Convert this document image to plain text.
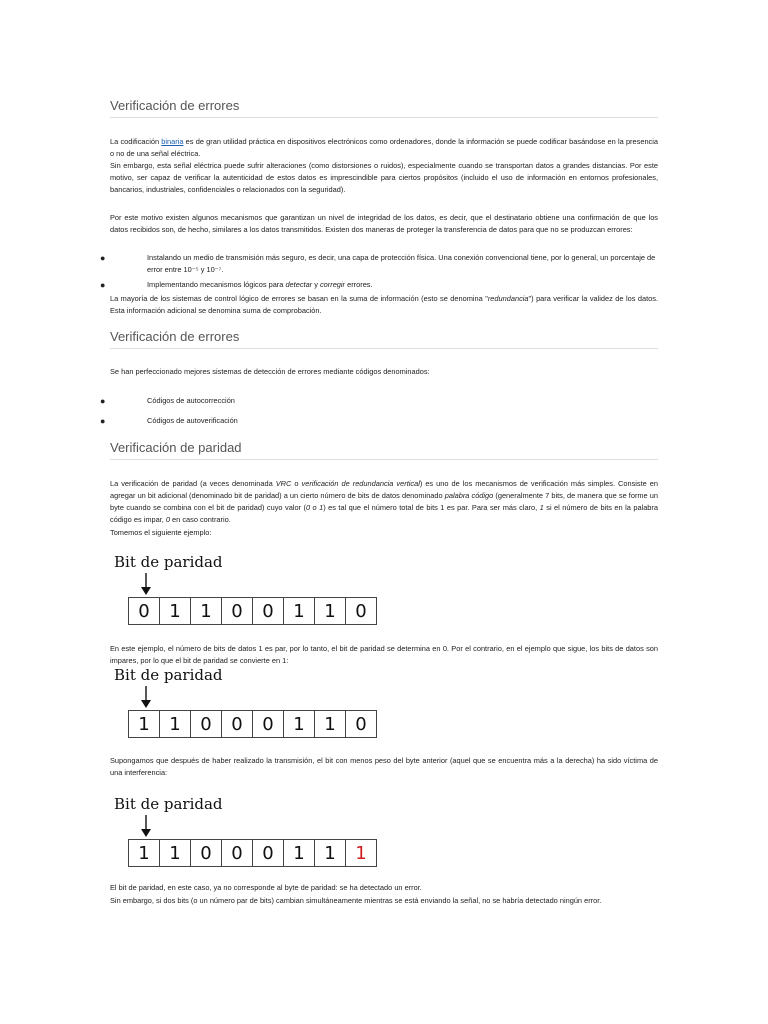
Verificación de errores
La codificación binaria es de gran utilidad práctica en dispositivos electrónicos como ordenadores, donde la información se puede codificar basándose en la presencia o no de una señal eléctrica.
Sin embargo, esta señal eléctrica puede sufrir alteraciones (como distorsiones o ruidos), especialmente cuando se transportan datos a grandes distancias. Por este motivo, ser capaz de verificar la autenticidad de estos datos es imprescindible para ciertos propósitos (incluido el uso de información en entornos profesionales, bancarios, industriales, confidenciales o relacionados con la seguridad).
Por este motivo existen algunos mecanismos que garantizan un nivel de integridad de los datos, es decir, que el destinatario obtiene una confirmación de que los datos recibidos son, de hecho, similares a los datos transmitidos. Existen dos maneras de proteger la transferencia de datos para que no se produzcan errores:
●	Instalando un medio de transmisión más seguro, es decir, una capa de protección física. Una conexión convencional tiene, por lo general, un porcentaje de error entre 10⁻⁵ y 10⁻⁷.
●	Implementando mecanismos lógicos para detectar y corregir errores.
La mayoría de los sistemas de control lógico de errores se basan en la suma de información (esto se denomina "redundancia") para verificar la validez de los datos. Esta información adicional se denomina suma de comprobación.
Verificación de errores
Se han perfeccionado mejores sistemas de detección de errores mediante códigos denominados:
●	Códigos de autocorrección
●	Códigos de autoverificación
Verificación de paridad
La verificación de paridad (a veces denominada VRC o verificación de redundancia vertical) es uno de los mecanismos de verificación más simples. Consiste en agregar un bit adicional (denominado bit de paridad) a un cierto número de bits de datos denominado palabra código (generalmente 7 bits, de manera que se forme un byte cuando se combina con el bit de paridad) cuyo valor (0 o 1) es tal que el número total de bits 1 es par. Para ser más claro, 1 si el número de bits en la palabra código es impar, 0 en caso contrario.
Tomemos el siguiente ejemplo:
Bit de paridad
0	1	1	0	0	1	1	0
En este ejemplo, el número de bits de datos 1 es par, por lo tanto, el bit de paridad se determina en 0. Por el contrario, en el ejemplo que sigue, los bits de datos son impares, por lo que el bit de paridad se convierte en 1:
Bit de paridad
1	1	0	0	0	1	1	0
Supongamos que después de haber realizado la transmisión, el bit con menos peso del byte anterior (aquel que se encuentra más a la derecha) ha sido víctima de una interferencia:
Bit de paridad
1	1	0	0	0	1	1	1
El bit de paridad, en este caso, ya no corresponde al byte de paridad: se ha detectado un error.
Sin embargo, si dos bits (o un número par de bits) cambian simultáneamente mientras se está enviando la señal, no se habría detectado ningún error.
